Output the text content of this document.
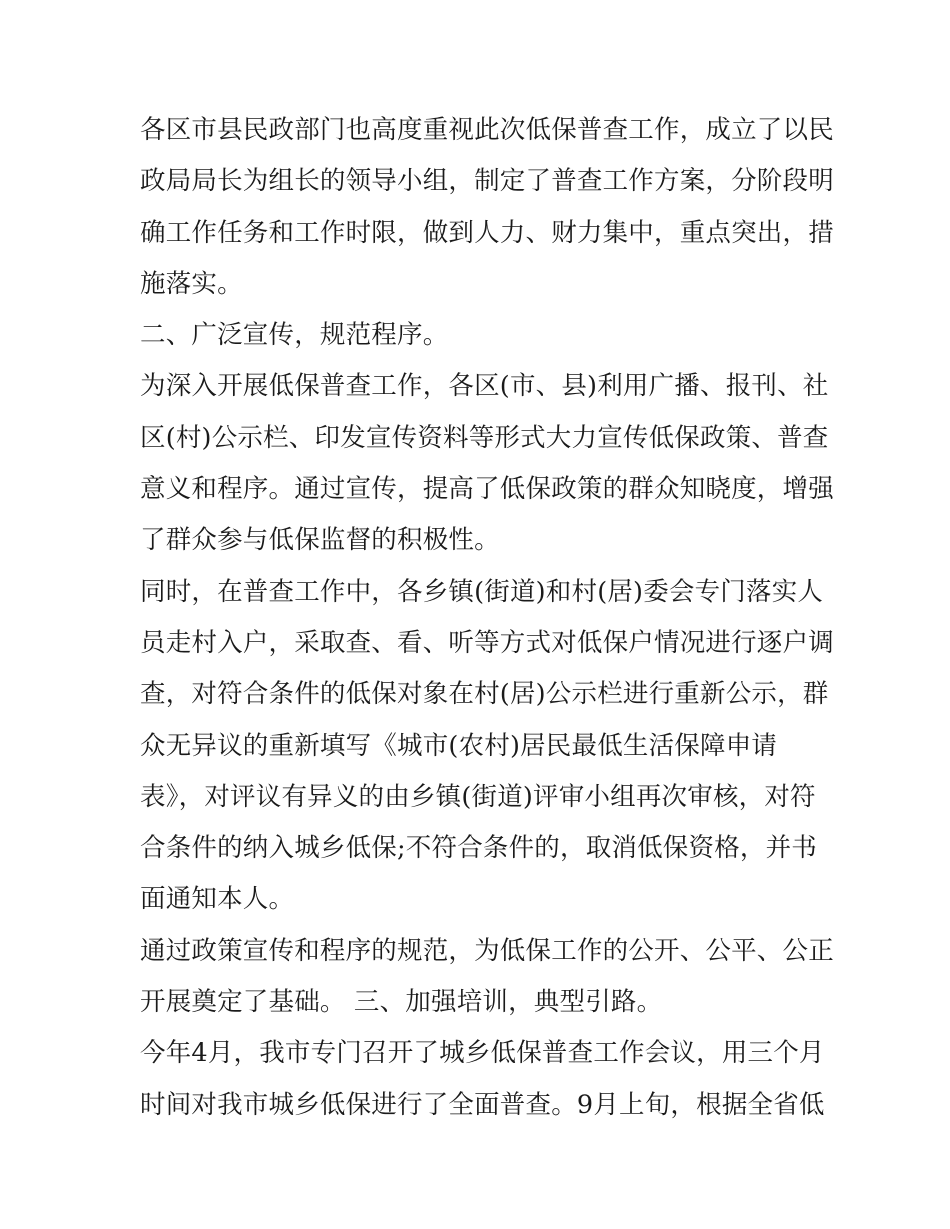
各区市县民政部门也高度重视此次低保普查工作，成立了以民
政局局长为组长的领导小组，制定了普查工作方案，分阶段明
确工作任务和工作时限，做到人力、财力集中，重点突出，措
施落实。
二、广泛宣传，规范程序。
为深入开展低保普查工作，各区(市、县)利用广播、报刊、社
区(村)公示栏、印发宣传资料等形式大力宣传低保政策、普查
意义和程序。通过宣传，提高了低保政策的群众知晓度，增强
了群众参与低保监督的积极性。
同时，在普查工作中，各乡镇(街道)和村(居)委会专门落实人
员走村入户，采取查、看、听等方式对低保户情况进行逐户调
查，对符合条件的低保对象在村(居)公示栏进行重新公示，群
众无异议的重新填写《城市(农村)居民最低生活保障申请
表》，对评议有异义的由乡镇(街道)评审小组再次审核，对符
合条件的纳入城乡低保;不符合条件的，取消低保资格，并书
面通知本人。
通过政策宣传和程序的规范，为低保工作的公开、公平、公正
开展奠定了基础。 三、加强培训，典型引路。
今年4月，我市专门召开了城乡低保普查工作会议，用三个月
时间对我市城乡低保进行了全面普查。9月上旬，根据全省低
